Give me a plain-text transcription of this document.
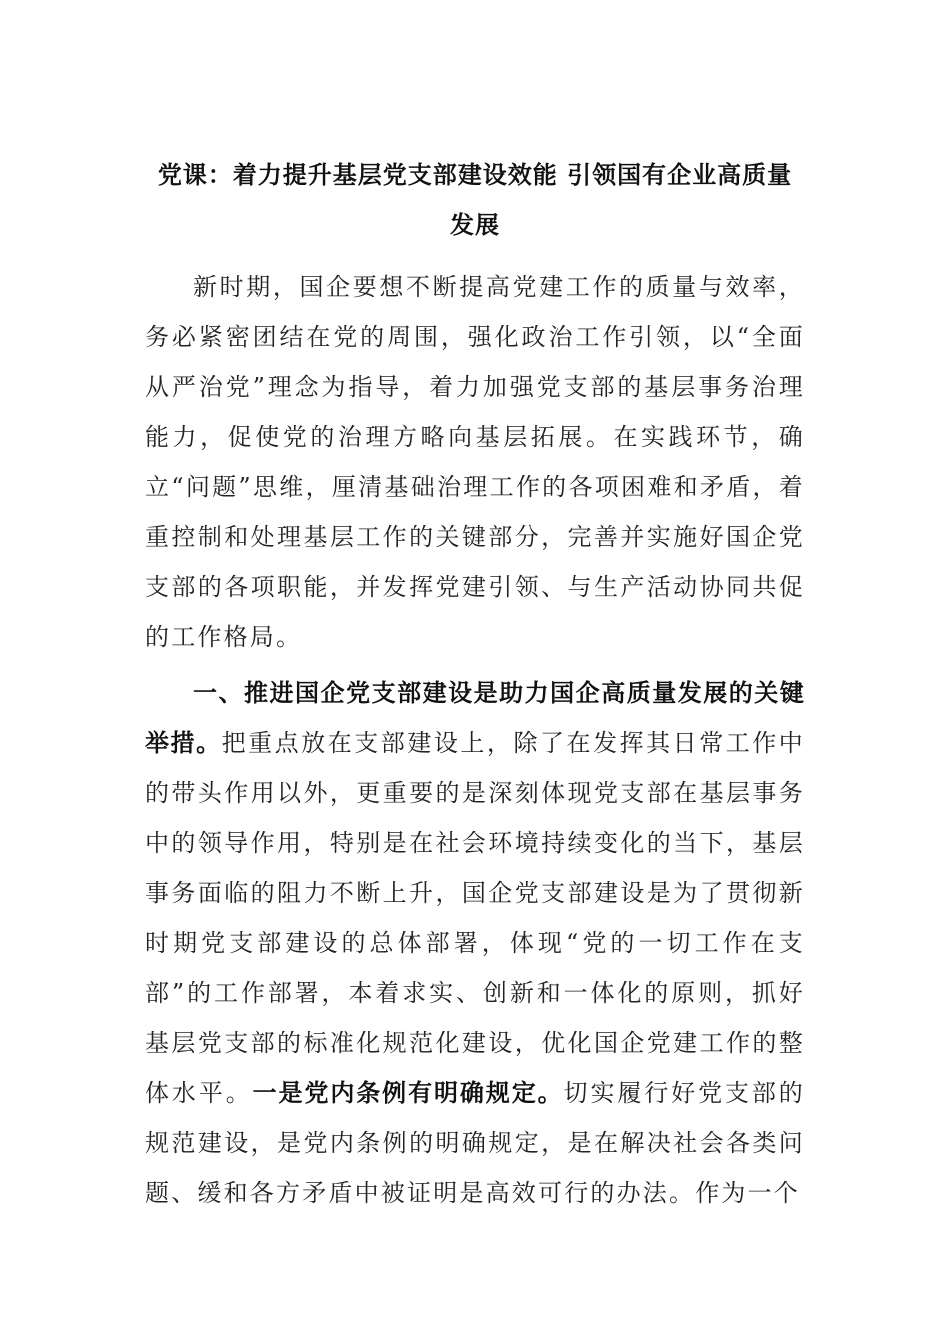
党课：着力提升基层党支部建设效能 引领国有企业高质量
发展

新时期，国企要想不断提高党建工作的质量与效率，务必紧密团结在党的周围，强化政治工作引领，以“全面从严治党”理念为指导，着力加强党支部的基层事务治理能力，促使党的治理方略向基层拓展。在实践环节，确立“问题”思维，厘清基础治理工作的各项困难和矛盾，着重控制和处理基层工作的关键部分，完善并实施好国企党支部的各项职能，并发挥党建引领、与生产活动协同共促的工作格局。

一、推进国企党支部建设是助力国企高质量发展的关键举措。把重点放在支部建设上，除了在发挥其日常工作中的带头作用以外，更重要的是深刻体现党支部在基层事务中的领导作用，特别是在社会环境持续变化的当下，基层事务面临的阻力不断上升，国企党支部建设是为了贯彻新时期党支部建设的总体部署，体现“党的一切工作在支部”的工作部署，本着求实、创新和一体化的原则，抓好基层党支部的标准化规范化建设，优化国企党建工作的整体水平。一是党内条例有明确规定。切实履行好党支部的规范建设，是党内条例的明确规定，是在解决社会各类问题、缓和各方矛盾中被证明是高效可行的办法。作为一个
